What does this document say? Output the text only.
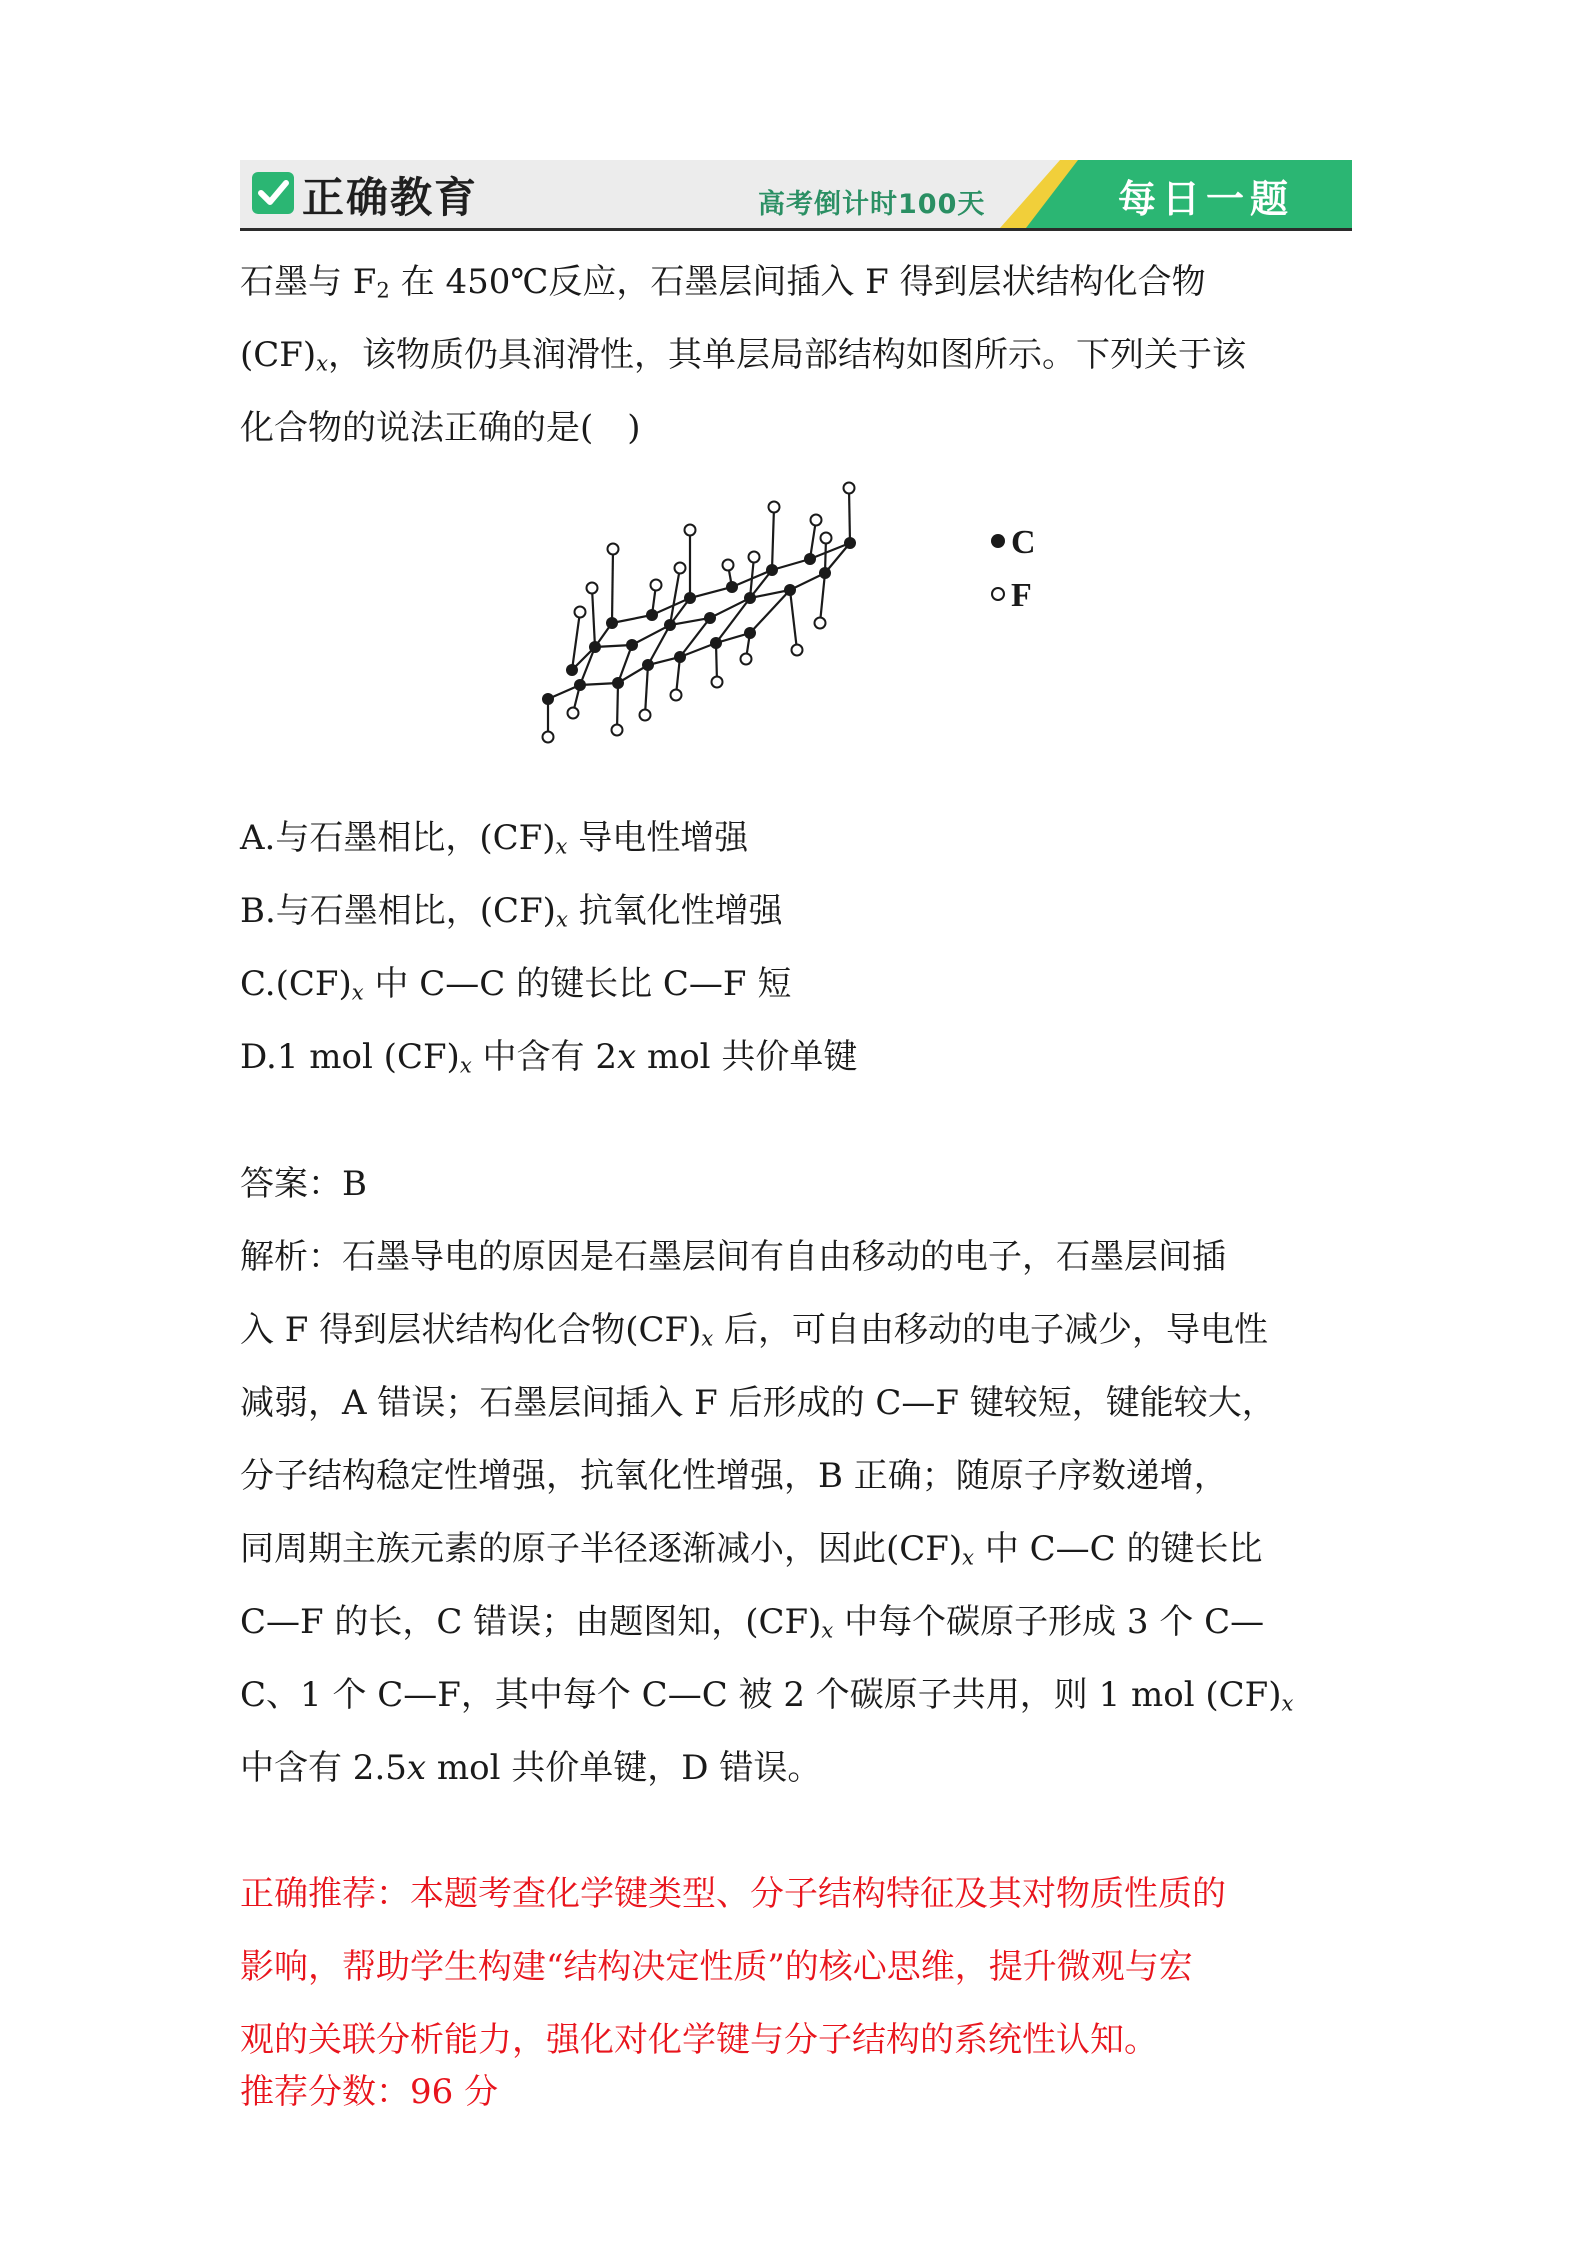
正确教育	高考倒计时100天	每日一题
石墨与 $F_2$ 在 450℃反应，石墨层间插入 F 得到层状结构化合物
$(CF)_x$，该物质仍具润滑性，其单层局部结构如图所示。下列关于该
化合物的说法正确的是(　)
C
F
A.与石墨相比，$(CF)_x$ 导电性增强
B.与石墨相比，$(CF)_x$ 抗氧化性增强
$C.(CF)_x$ 中 C—C 的键长比 C—F 短
D.1 mol $(CF)_x$ 中含有 2x mol 共价单键
答案：B
解析：石墨导电的原因是石墨层间有自由移动的电子，石墨层间插
入 F 得到层状结构化合物$(CF)_x$ 后，可自由移动的电子减少，导电性
减弱，A 错误；石墨层间插入 F 后形成的 C—F 键较短，键能较大，
分子结构稳定性增强，抗氧化性增强，B 正确；随原子序数递增，
同周期主族元素的原子半径逐渐减小，因此$(CF)_x$ 中 C—C 的键长比
C—F 的长，C 错误；由题图知，$(CF)_x$ 中每个碳原子形成 3 个 C—
C、1 个 C—F，其中每个 C—C 被 2 个碳原子共用，则 1 mol $(CF)_x$
中含有 2.5x mol 共价单键，D 错误。
正确推荐：本题考查化学键类型、分子结构特征及其对物质性质的
影响，帮助学生构建“结构决定性质”的核心思维，提升微观与宏
观的关联分析能力，强化对化学键与分子结构的系统性认知。
推荐分数：96 分
